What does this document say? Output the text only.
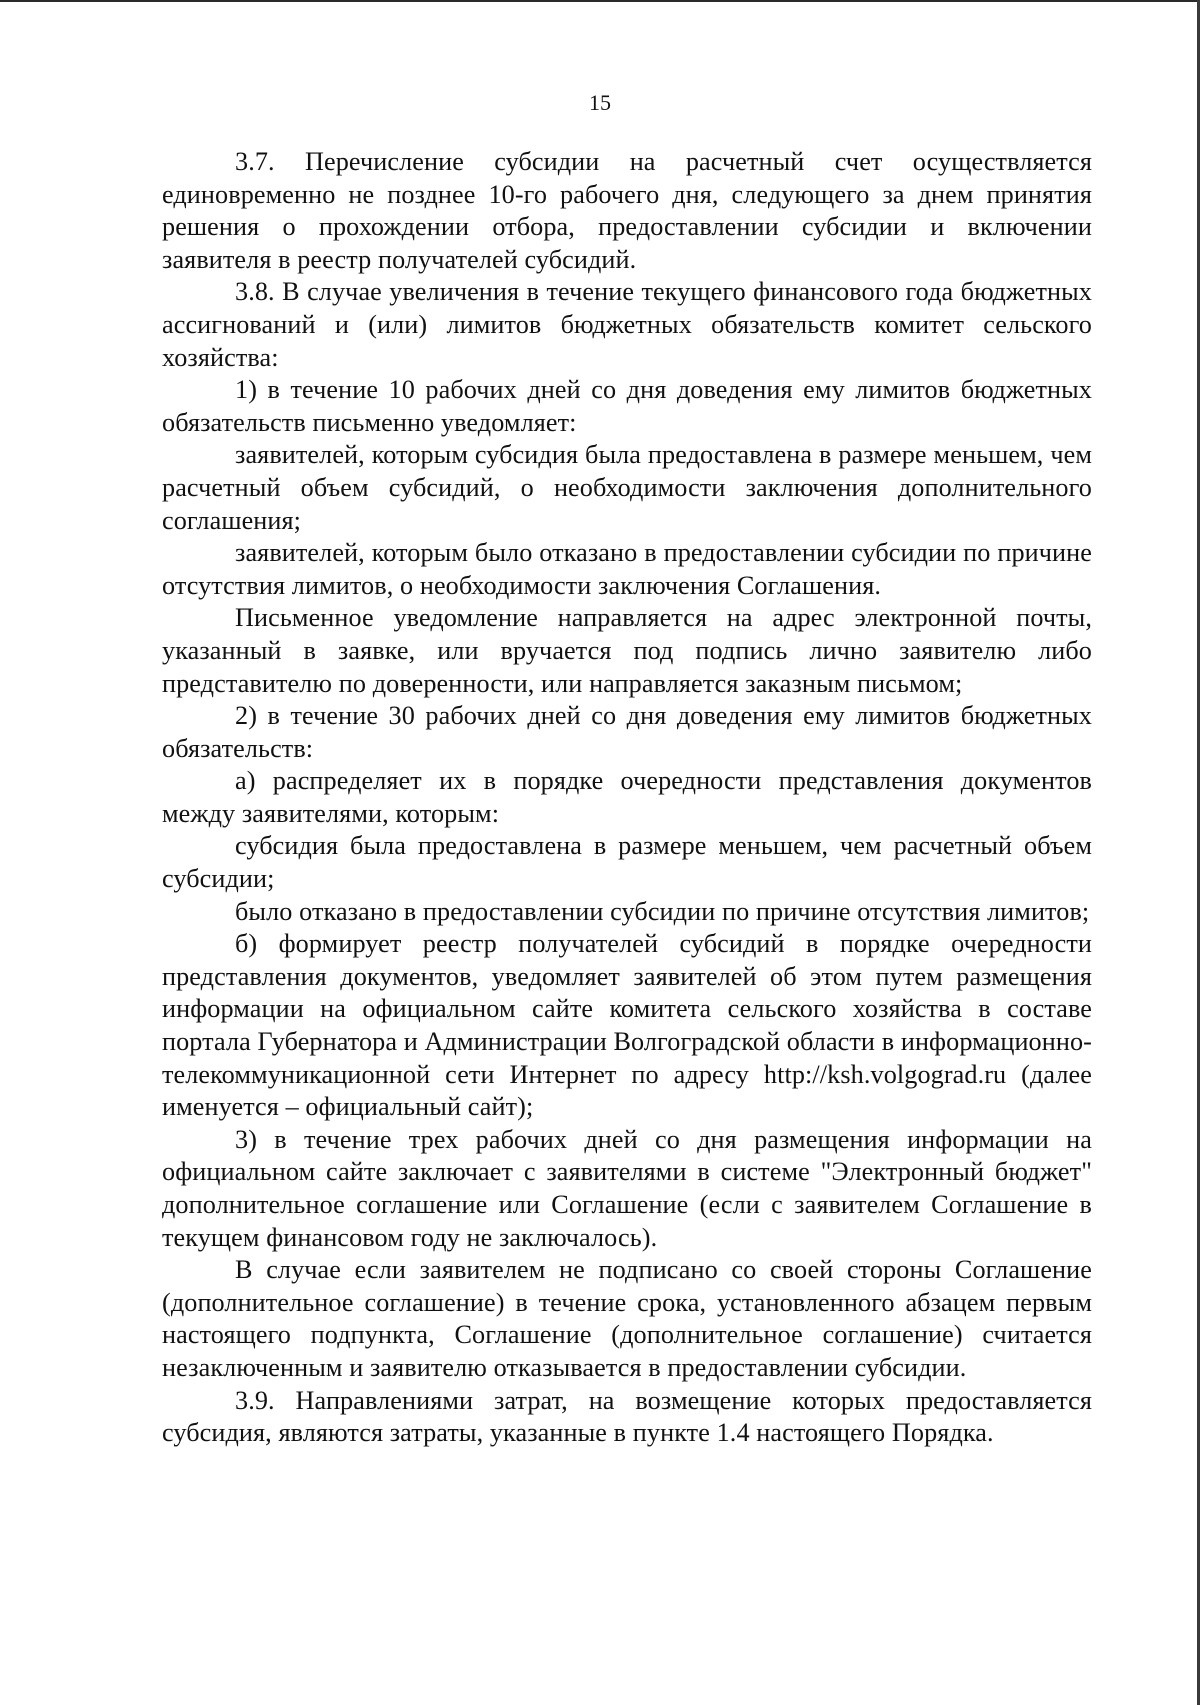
15

3.7. Перечисление субсидии на расчетный счет осуществляется единовременно не позднее 10-го рабочего дня, следующего за днем принятия решения о прохождении отбора, предоставлении субсидии и включении заявителя в реестр получателей субсидий.

3.8. В случае увеличения в течение текущего финансового года бюджетных ассигнований и (или) лимитов бюджетных обязательств комитет сельского хозяйства:

1) в течение 10 рабочих дней со дня доведения ему лимитов бюджетных обязательств письменно уведомляет:

заявителей, которым субсидия была предоставлена в размере меньшем, чем расчетный объем субсидий, о необходимости заключения дополнительного соглашения;

заявителей, которым было отказано в предоставлении субсидии по причине отсутствия лимитов, о необходимости заключения Соглашения.

Письменное уведомление направляется на адрес электронной почты, указанный в заявке, или вручается под подпись лично заявителю либо представителю по доверенности, или направляется заказным письмом;

2) в течение 30 рабочих дней со дня доведения ему лимитов бюджетных обязательств:

а) распределяет их в порядке очередности представления документов между заявителями, которым:

субсидия была предоставлена в размере меньшем, чем расчетный объем субсидии;

было отказано в предоставлении субсидии по причине отсутствия лимитов;

б) формирует реестр получателей субсидий в порядке очередности представления документов, уведомляет заявителей об этом путем размещения информации на официальном сайте комитета сельского хозяйства в составе портала Губернатора и Администрации Волгоградской области в информационно-телекоммуникационной сети Интернет по адресу http://ksh.volgograd.ru (далее именуется – официальный сайт);

3) в течение трех рабочих дней со дня размещения информации на официальном сайте заключает с заявителями в системе "Электронный бюджет" дополнительное соглашение или Соглашение (если с заявителем Соглашение в текущем финансовом году не заключалось).

В случае если заявителем не подписано со своей стороны Соглашение (дополнительное соглашение) в течение срока, установленного абзацем первым настоящего подпункта, Соглашение (дополнительное соглашение) считается незаключенным и заявителю отказывается в предоставлении субсидии.

3.9. Направлениями затрат, на возмещение которых предоставляется субсидия, являются затраты, указанные в пункте 1.4 настоящего Порядка.
